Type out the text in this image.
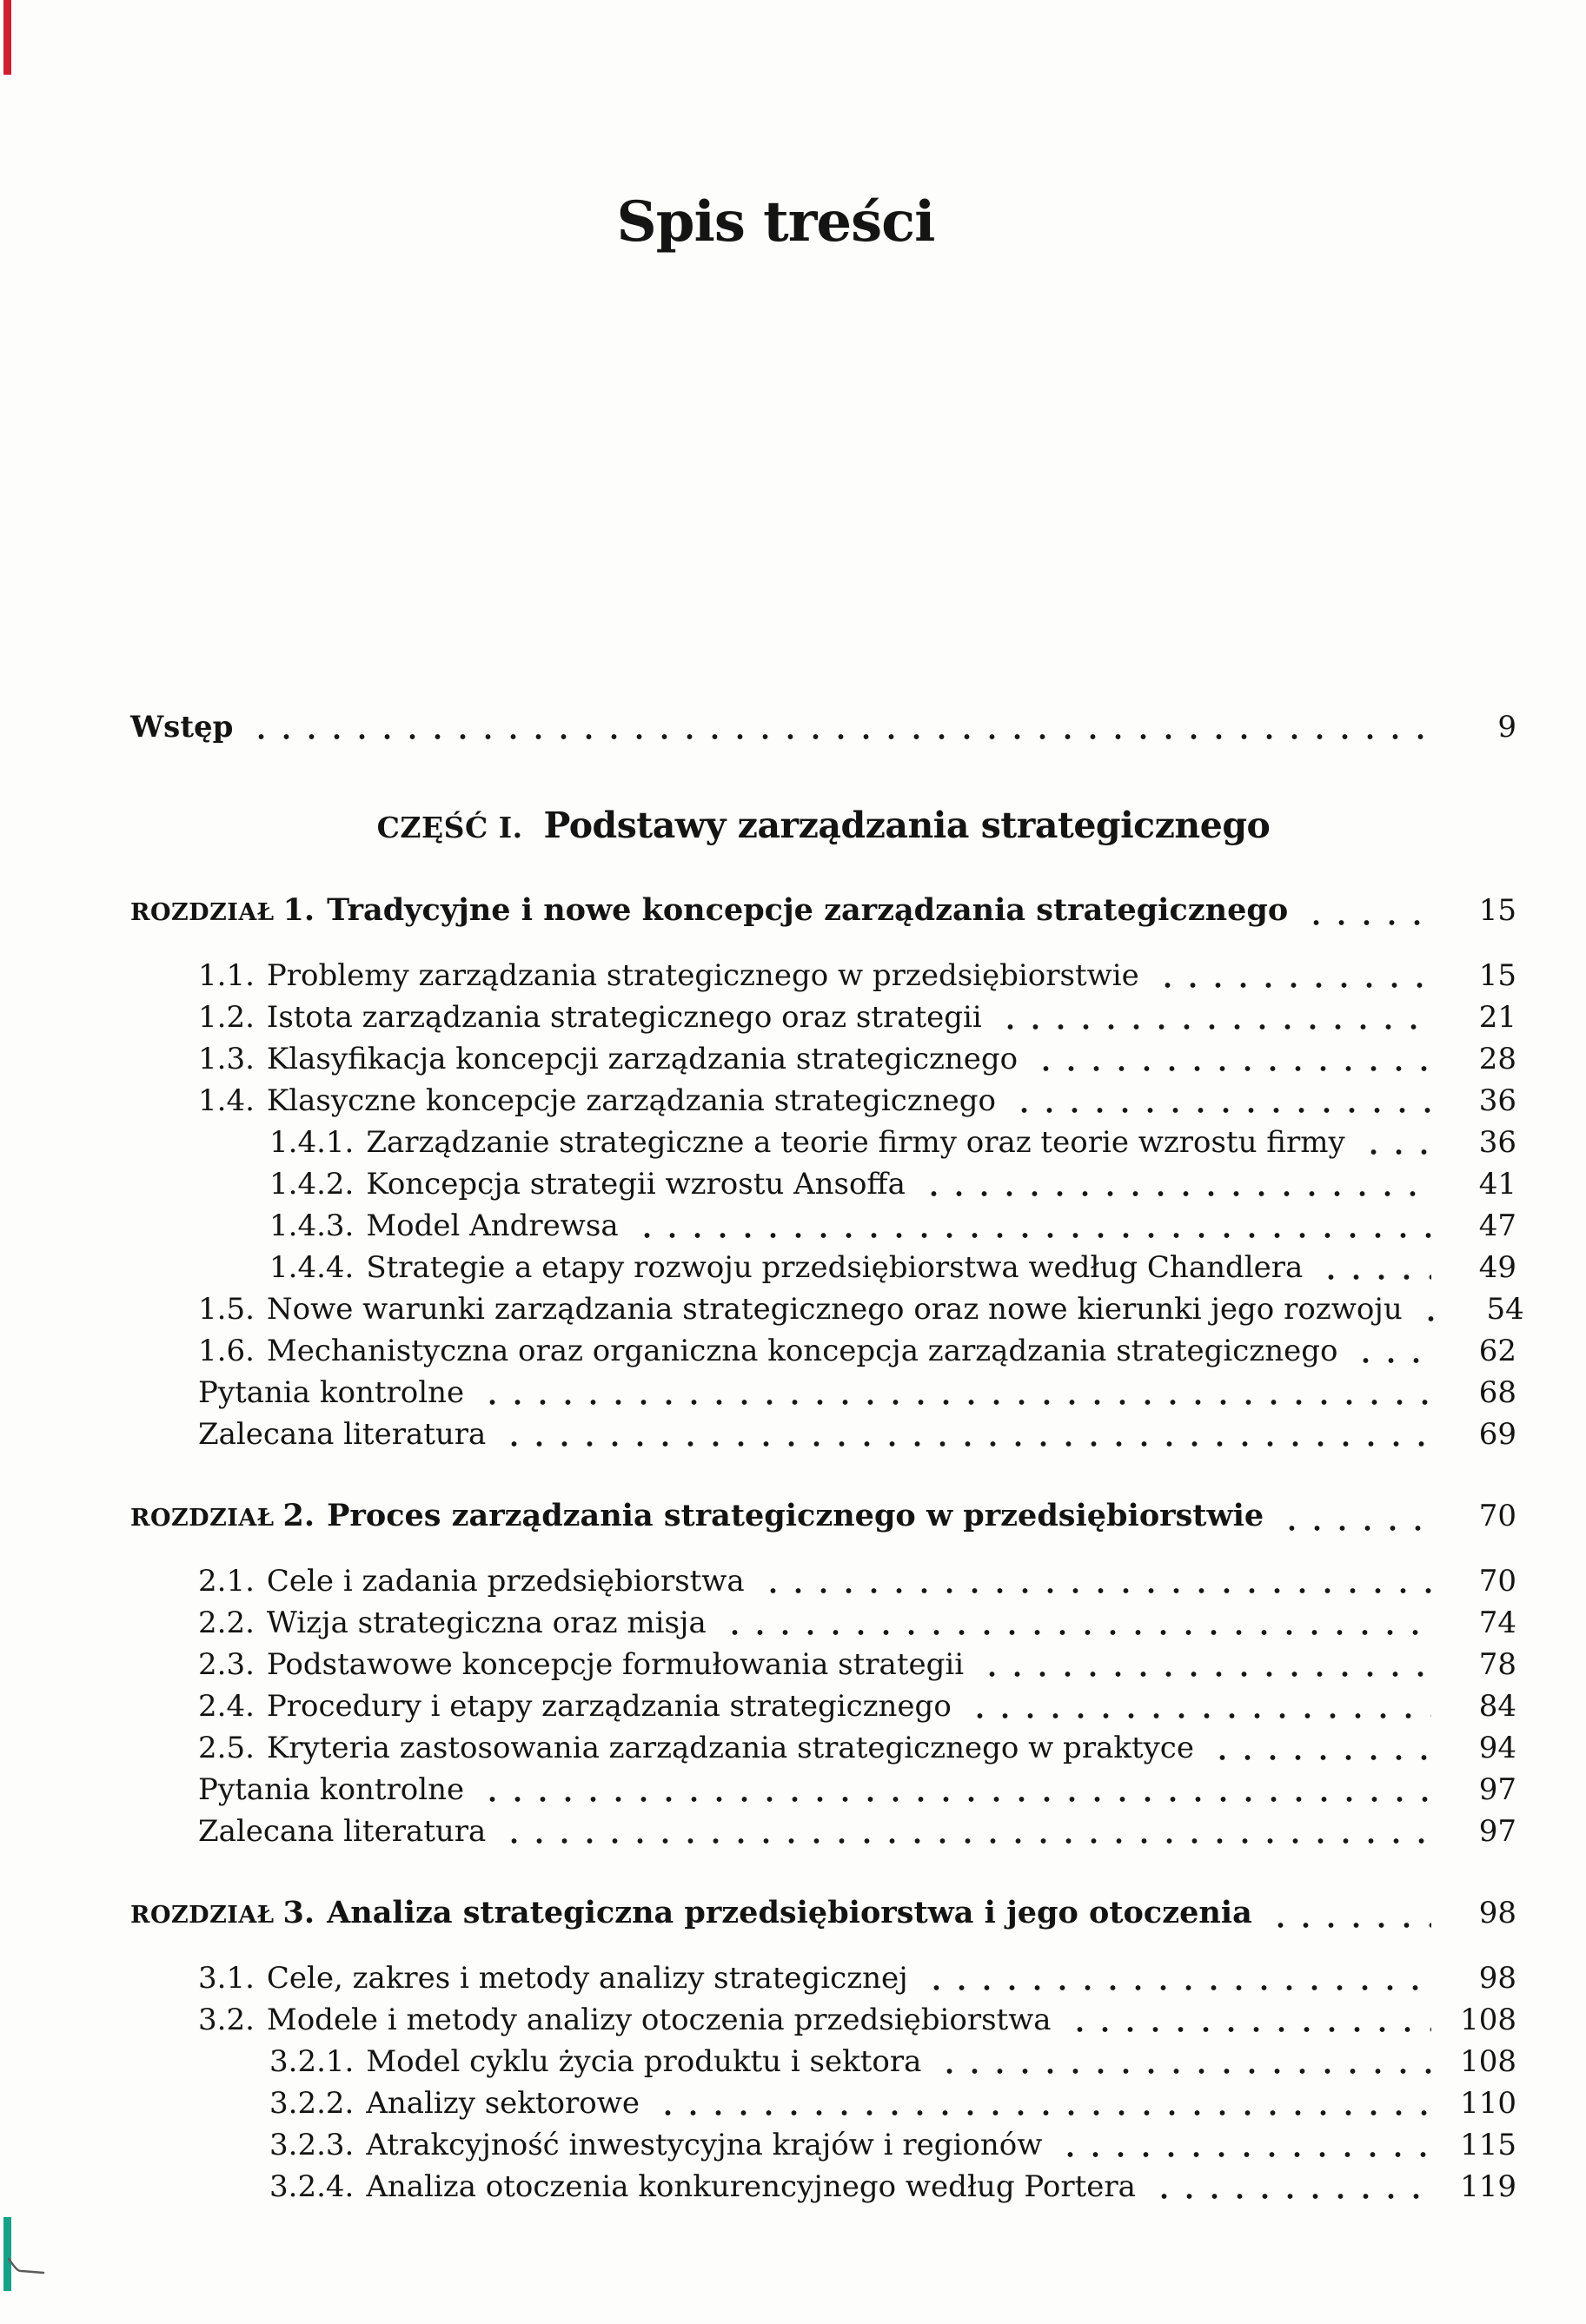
Spis treści
Wstęp	9
CZĘŚĆ I. Podstawy zarządzania strategicznego
ROZDZIAŁ 1. Tradycyjne i nowe koncepcje zarządzania strategicznego	15
1.1. Problemy zarządzania strategicznego w przedsiębiorstwie	15
1.2. Istota zarządzania strategicznego oraz strategii	21
1.3. Klasyfikacja koncepcji zarządzania strategicznego	28
1.4. Klasyczne koncepcje zarządzania strategicznego	36
1.4.1. Zarządzanie strategiczne a teorie firmy oraz teorie wzrostu firmy	36
1.4.2. Koncepcja strategii wzrostu Ansoffa	41
1.4.3. Model Andrewsa	47
1.4.4. Strategie a etapy rozwoju przedsiębiorstwa według Chandlera	49
1.5. Nowe warunki zarządzania strategicznego oraz nowe kierunki jego rozwoju	54
1.6. Mechanistyczna oraz organiczna koncepcja zarządzania strategicznego	62
Pytania kontrolne	68
Zalecana literatura	69
ROZDZIAŁ 2. Proces zarządzania strategicznego w przedsiębiorstwie	70
2.1. Cele i zadania przedsiębiorstwa	70
2.2. Wizja strategiczna oraz misja	74
2.3. Podstawowe koncepcje formułowania strategii	78
2.4. Procedury i etapy zarządzania strategicznego	84
2.5. Kryteria zastosowania zarządzania strategicznego w praktyce	94
Pytania kontrolne	97
Zalecana literatura	97
ROZDZIAŁ 3. Analiza strategiczna przedsiębiorstwa i jego otoczenia	98
3.1. Cele, zakres i metody analizy strategicznej	98
3.2. Modele i metody analizy otoczenia przedsiębiorstwa	108
3.2.1. Model cyklu życia produktu i sektora	108
3.2.2. Analizy sektorowe	110
3.2.3. Atrakcyjność inwestycyjna krajów i regionów	115
3.2.4. Analiza otoczenia konkurencyjnego według Portera	119
